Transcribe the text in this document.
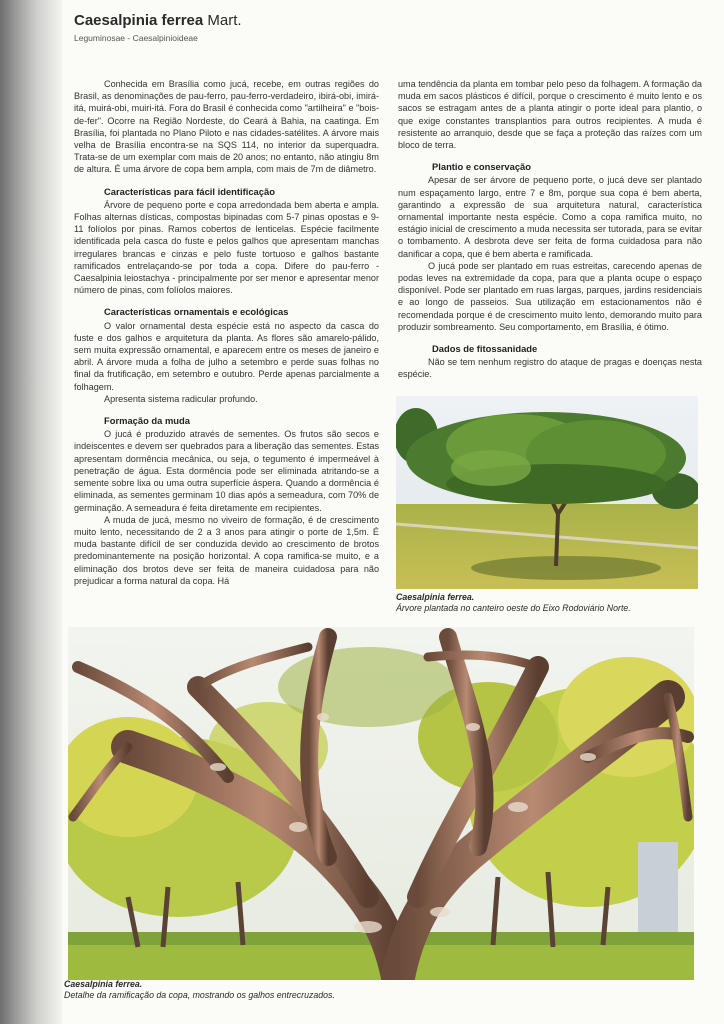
Caesalpinia ferrea Mart.
Leguminosae - Caesalpinioideae

Conhecida em Brasília como jucá, recebe, em outras regiões do Brasil, as denominações de pau-ferro, pau-ferro-verdadeiro, ibirá-obi, imirá-itá, muirá-obi, muiri-itá. Fora do Brasil é conhecida como "artilheira" e "bois-de-fer". Ocorre na Região Nordeste, do Ceará à Bahia, na caatinga. Em Brasília, foi plantada no Plano Piloto e nas cidades-satélites. A árvore mais velha de Brasília encontra-se na SQS 114, no interior da superquadra. Trata-se de um exemplar com mais de 20 anos; no entanto, não atingiu 8m de altura. É uma árvore de copa bem ampla, com mais de 7m de diâmetro.

Características para fácil identificação

Árvore de pequeno porte e copa arredondada bem aberta e ampla. Folhas alternas dísticas, compostas bipinadas com 5-7 pinas opostas e 9-11 folíolos por pinas. Ramos cobertos de lenticelas. Espécie facilmente identificada pela casca do fuste e pelos galhos que apresentam manchas irregulares brancas e cinzas e pelo fuste tortuoso e galhos bastante ramificados entrelaçando-se por toda a copa. Difere do pau-ferro - Caesalpinia leiostachya - principalmente por ser menor e apresentar menor número de pinas, com folíolos maiores.

Características ornamentais e ecológicas

O valor ornamental desta espécie está no aspecto da casca do fuste e dos galhos e arquitetura da planta. As flores são amarelo-pálido, sem muita expressão ornamental, e aparecem entre os meses de janeiro e abril. A árvore muda a folha de julho a setembro e perde suas folhas no final da frutificação, em setembro e outubro. Perde apenas parcialmente a folhagem.

Apresenta sistema radicular profundo.

Formação da muda

O jucá é produzido através de sementes. Os frutos são secos e indeiscentes e devem ser quebrados para a liberação das sementes. Estas apresentam dormência mecânica, ou seja, o tegumento é impermeável à penetração de água. Esta dormência pode ser eliminada atritando-se a semente sobre lixa ou uma outra superfície áspera. Quando a dormência é eliminada, as sementes germinam 10 dias após a semeadura, com 70% de germinação. A semeadura é feita diretamente em recipientes.

A muda de jucá, mesmo no viveiro de formação, é de crescimento muito lento, necessitando de 2 a 3 anos para atingir o porte de 1,5m. É muda bastante difícil de ser conduzida devido ao crescimento de brotos predominantemente na posição horizontal. A copa ramifica-se muito, e a eliminação dos brotos deve ser feita de maneira cuidadosa para não prejudicar a forma natural da copa. Há

uma tendência da planta em tombar pelo peso da folhagem. A formação da muda em sacos plásticos é difícil, porque o crescimento é muito lento e os sacos se estragam antes de a planta atingir o porte ideal para plantio, o que exige constantes transplantios para outros recipientes. A muda é resistente ao arranquio, desde que se faça a proteção das raízes com um bloco de terra.

Plantio e conservação

Apesar de ser árvore de pequeno porte, o jucá deve ser plantado num espaçamento largo, entre 7 e 8m, porque sua copa é bem aberta, garantindo a expressão de sua arquitetura natural, característica ornamental importante nesta espécie. Como a copa ramifica muito, no estágio inicial de crescimento a muda necessita ser tutorada, para se evitar o tombamento. A desbrota deve ser feita de forma cuidadosa para não danificar a copa, que é bem aberta e ramificada.

O jucá pode ser plantado em ruas estreitas, carecendo apenas de podas leves na extremidade da copa, para que a planta ocupe o espaço disponível. Pode ser plantado em ruas largas, parques, jardins residenciais e ao longo de passeios. Sua utilização em estacionamentos não é recomendada porque é de crescimento muito lento, demorando muito para produzir sombreamento. Seu comportamento, em Brasília, é ótimo.

Dados de fitossanidade

Não se tem nenhum registro do ataque de pragas e doenças nesta espécie.

Caesalpinia ferrea.
Árvore plantada no canteiro oeste do Eixo Rodoviário Norte.
Caesalpinia ferrea.
Detalhe da ramificação da copa, mostrando os galhos entrecruzados.
